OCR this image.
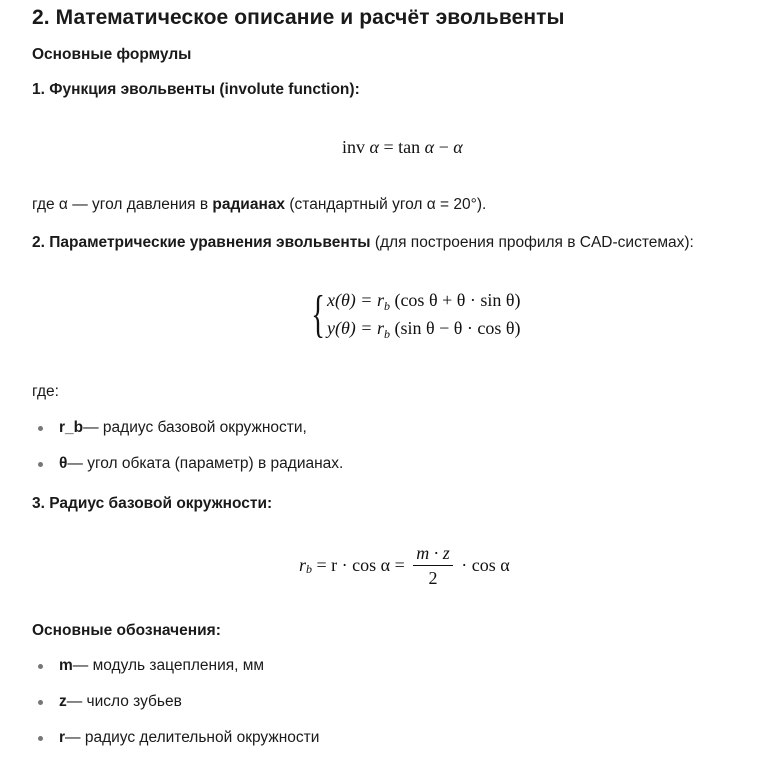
2. Математическое описание и расчёт эвольвенты
Основные формулы
1. Функция эвольвенты (involute function):
inv α = tan α − α
где α — угол давления в радианах (стандартный угол α = 20°).
2. Параметрические уравнения эвольвенты (для построения профиля в CAD-системах):
{ $x(\theta) = r_b$ (cos θ + θ · sin θ)
$y(\theta) = r_b$ (sin θ − θ · cos θ)
где:
r_b — радиус базовой окружности,
θ — угол обката (параметр) в радианах.
3. Радиус базовой окружности:
r $b = r \cdot \cos \alpha = \frac{m \cdot z}{2} \cdot \cos \alpha$
Основные обозначения:
m — модуль зацепления, мм
z — число зубьев
r — радиус делительной окружности
